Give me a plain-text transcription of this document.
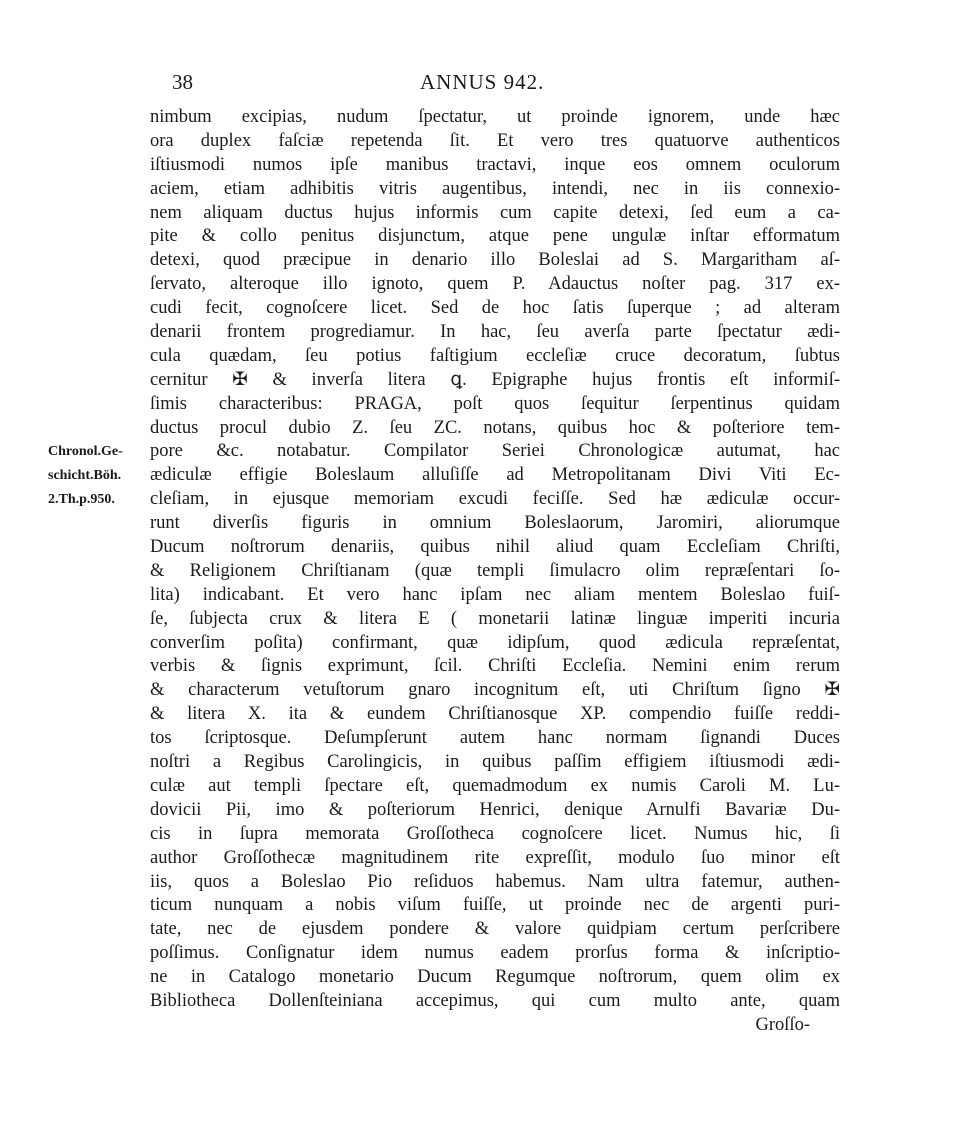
38	ANNUS 942.
Chronol.Ge-
schicht.Böh.
2.Th.p.950.
nimbum excipias, nudum ſpectatur, ut proinde ignorem, unde hæc
ora duplex faſciæ repetenda ſit. Et vero tres quatuorve authenticos
iſtiusmodi numos ipſe manibus tractavi, inque eos omnem oculorum
aciem, etiam adhibitis vitris augentibus, intendi, nec in iis connexio-
nem aliquam ductus hujus informis cum capite detexi, ſed eum a ca-
pite & collo penitus disjunctum, atque pene ungulæ inſtar efformatum
detexi, quod præcipue in denario illo Boleslai ad S. Margaritham aſ-
ſervato, alteroque illo ignoto, quem P. Adauctus noſter pag. 317 ex-
cudi fecit, cognoſcere licet. Sed de hoc ſatis ſuperque ; ad alteram
denarii frontem progrediamur. In hac, ſeu averſa parte ſpectatur ædi-
cula quædam, ſeu potius faſtigium eccleſiæ cruce decoratum, ſubtus
cernitur ✠ & inverſa litera ꝗ. Epigraphe hujus frontis eſt informiſ-
ſimis characteribus: PRAGA, poſt quos ſequitur ſerpentinus quidam
ductus procul dubio Z. ſeu ZC. notans, quibus hoc & poſteriore tem-
pore &c. notabatur. Compilator Seriei Chronologicæ autumat, hac
ædiculæ effigie Boleslaum alluſiſſe ad Metropolitanam Divi Viti Ec-
cleſiam, in ejusque memoriam excudi feciſſe. Sed hæ ædiculæ occur-
runt diverſis figuris in omnium Boleslaorum, Jaromiri, aliorumque
Ducum noſtrorum denariis, quibus nihil aliud quam Eccleſiam Chriſti,
& Religionem Chriſtianam (quæ templi ſimulacro olim repræſentari ſo-
lita) indicabant. Et vero hanc ipſam nec aliam mentem Boleslao fuiſ-
ſe, ſubjecta crux & litera E ( monetarii latinæ linguæ imperiti incuria
converſim poſita) confirmant, quæ idipſum, quod ædicula repræſentat,
verbis & ſignis exprimunt, ſcil. Chriſti Eccleſia. Nemini enim rerum
& characterum vetuſtorum gnaro incognitum eſt, uti Chriſtum ſigno ✠
& litera X. ita & eundem Chriſtianosque XP. compendio fuiſſe reddi-
tos ſcriptosque. Deſumpſerunt autem hanc normam ſignandi Duces
noſtri a Regibus Carolingicis, in quibus paſſim effigiem iſtiusmodi ædi-
culæ aut templi ſpectare eſt, quemadmodum ex numis Caroli M. Lu-
dovicii Pii, imo & poſteriorum Henrici, denique Arnulfi Bavariæ Du-
cis in ſupra memorata Groſſotheca cognoſcere licet. Numus hic, ſi
author Groſſothecæ magnitudinem rite expreſſit, modulo ſuo minor eſt
iis, quos a Boleslao Pio reſiduos habemus. Nam ultra fatemur, authen-
ticum nunquam a nobis viſum fuiſſe, ut proinde nec de argenti puri-
tate, nec de ejusdem pondere & valore quidpiam certum perſcribere
poſſimus. Conſignatur idem numus eadem prorſus forma & inſcriptio-
ne in Catalogo monetario Ducum Regumque noſtrorum, quem olim ex
Bibliotheca Dollenſteiniana accepimus, qui cum multo ante, quam
Groſſo-
